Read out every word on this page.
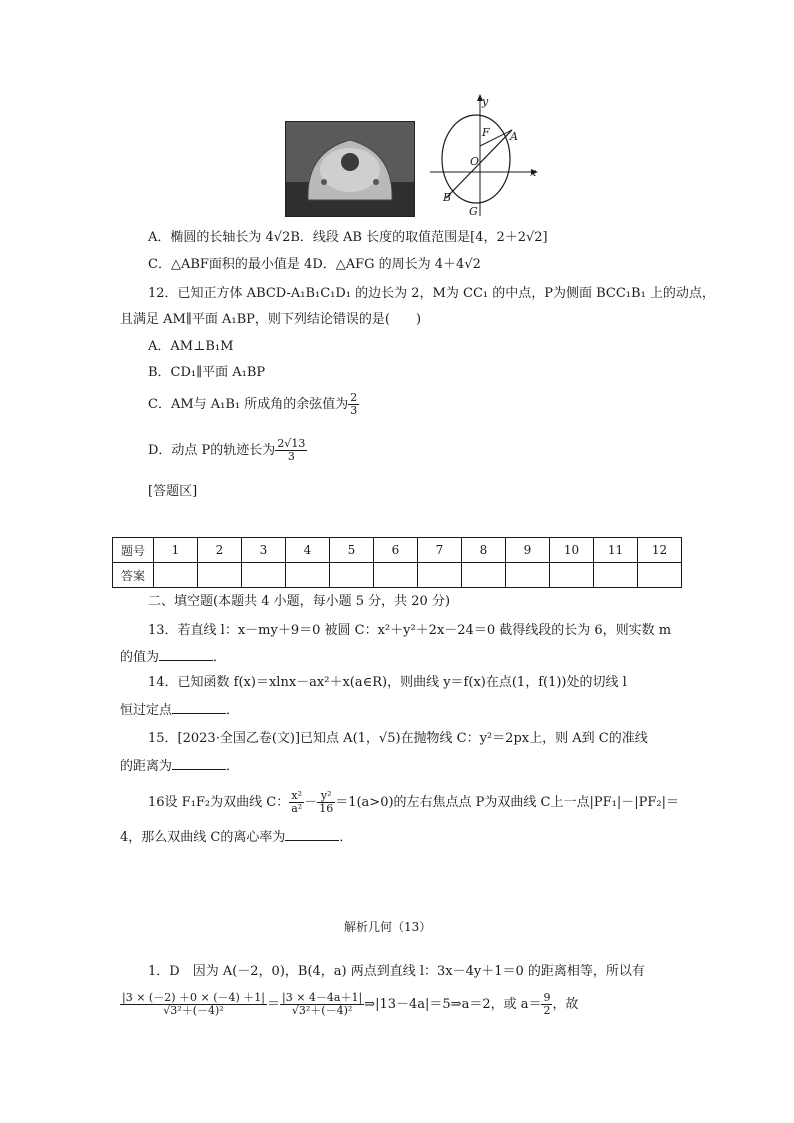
y
x
O
F A
B
G
A．椭圆的长轴长为 4√2B．线段 AB 长度的取值范围是[4，2＋2√2]
C．△ABF面积的最小值是 4D．△AFG 的周长为 4＋4√2
12．已知正方体 ABCD-A₁B₁C₁D₁ 的边长为 2，M为 CC₁ 的中点，P为侧面 BCC₁B₁ 上的动点，
且满足 AM∥平面 A₁BP，则下列结论错误的是(　　)
A．AM⊥B₁M
B．CD₁∥平面 A₁BP
C．AM与 A₁B₁ 所成角的余弦值为 $\frac{2}{3}$
D．动点 P的轨迹长为 $\frac{2√13}{3}$
[答题区]
题号	1	2	3	4	5	6	7	8	9	10	11	12
答案												
二、填空题(本题共 4 小题，每小题 5 分，共 20 分)
13．若直线 l：x－my＋9＝0 被圆 C：x²＋y²＋2x－24＝0 截得线段的长为 6，则实数 m
的值为	．
14．已知函数 f(x)＝xlnx－ax²＋x(a∈R)，则曲线 y＝f(x)在点(1，f(1))处的切线 l
恒过定点	．
15．[2023·全国乙卷(文)]已知点 A(1，√5)在抛物线 C：y²＝2px上，则 A到 C的准线
的距离为	．
16设 F₁F₂为双曲线 C： $\frac{\text{x²}}{\text{a²}} - \frac{\text{y²}}{16} =1(a>0)$的左右焦点点 P为双曲线 C上一点|PF₁|－|PF₂|＝
4，那么双曲线 C的离心率为	．
解析几何（13）
1．D　因为 A(－2，0)，B(4，a) 两点到直线 l：3x－4y＋1＝0 的距离相等，所以有
$\frac{|3 \times (-2) +0 \times (-4) +1|}{\text{√3²＋(－4)²}} = \frac{|3 \times 4-4a+1|}{\text{√3²＋(－4)²}}$ ⇒|13－4a|＝5⇒a＝2，或 $a= \frac{9}{2}$ ，故
